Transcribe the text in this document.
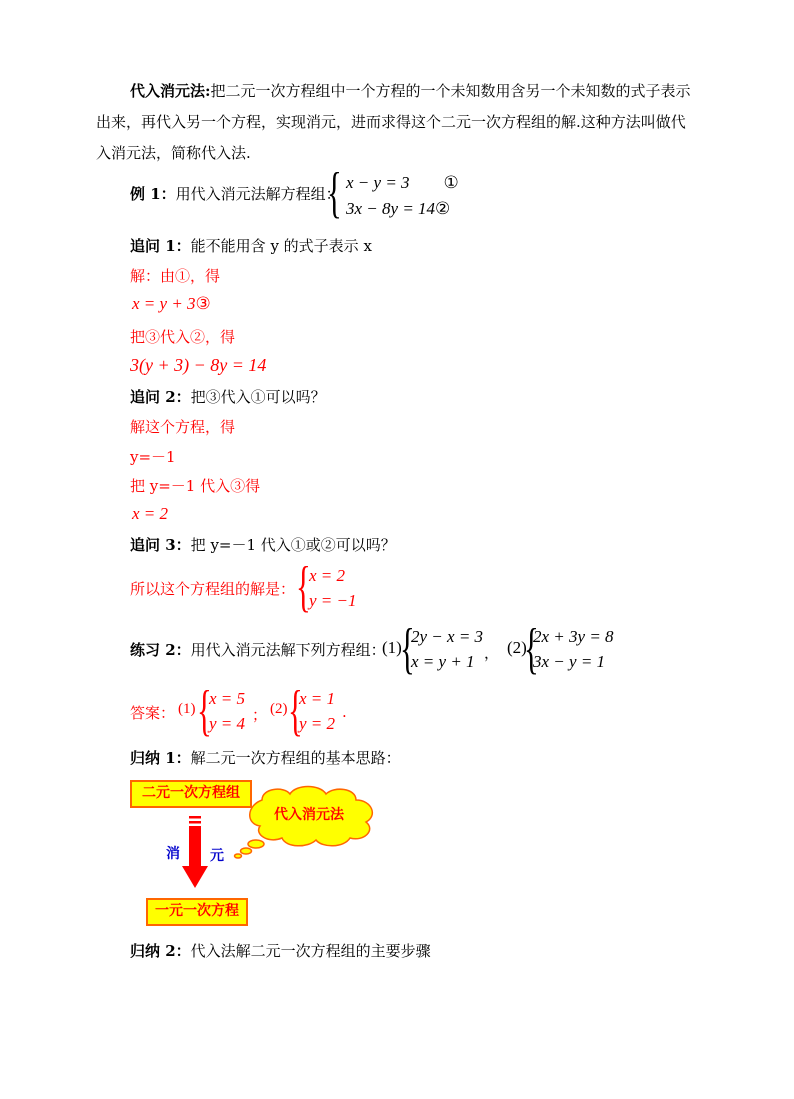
代入消元法:把二元一次方程组中一个方程的一个未知数用含另一个未知数的式子表示出来，再代入另一个方程，实现消元，进而求得这个二元一次方程组的解.这种方法叫做代入消元法，简称代入法.
例 1：用代入消元法解方程组：
{ x − y = 3 ①
3x − 8y = 14②
追问 1：能不能用含 y 的式子表示 x
解：由①，得
x = y + 3③
把③代入②，得
3(y + 3) − 8y = 14
追问 2：把③代入①可以吗？
解这个方程，得
y=－1
把 y=－1 代入③得
x = 2
追问 3：把 y=－1 代入①或②可以吗？
所以这个方程组的解是： {
x = 2
y = −1
练习 2：用代入消元法解下列方程组：
(1)
{
2y − x = 3
x = y + 1 ， (2)
{
2x + 3y = 8
3x − y = 1
答案： (1) {
x = 5
y = 4 ； (2) {
x = 1
y = 2
.
归纳 1：解二元一次方程组的基本思路：
二元一次方程组
代入消元法
消 元
一元一次方程
归纳 2：代入法解二元一次方程组的主要步骤
